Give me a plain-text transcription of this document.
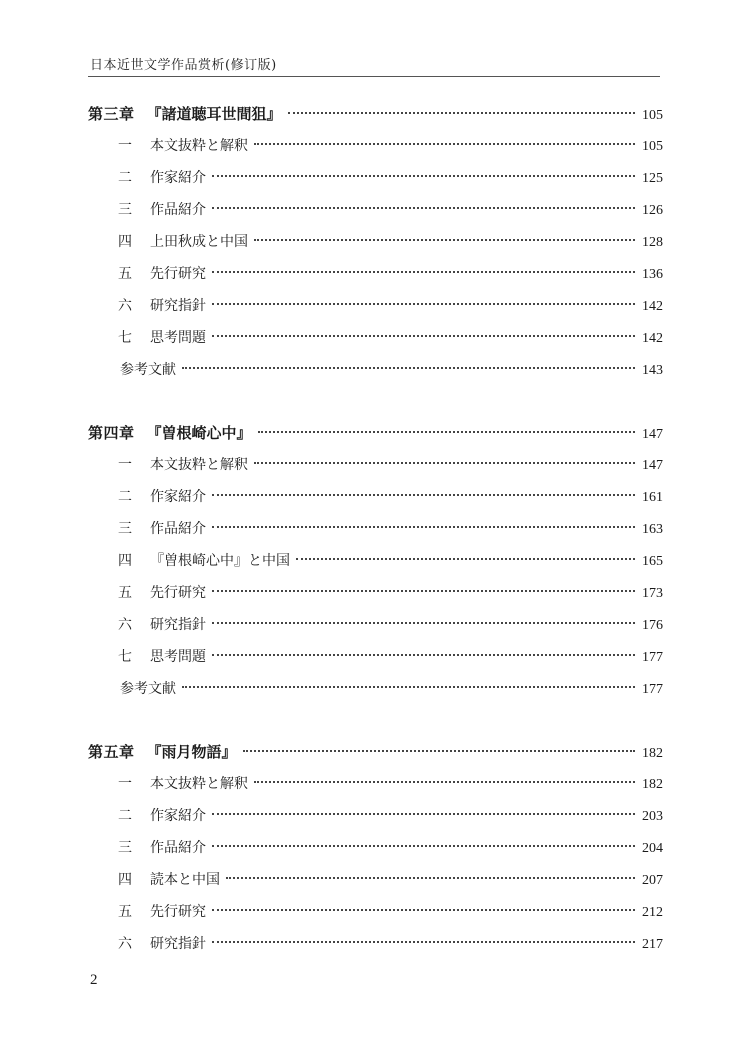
日本近世文学作品赏析(修订版)
第三章 『諸道聴耳世間狙』	105
一	本文抜粋と解釈	105
二	作家紹介	125
三	作品紹介	126
四	上田秋成と中国	128
五	先行研究	136
六	研究指針	142
七	思考問題	142
参考文献	143
第四章 『曽根崎心中』	147
一	本文抜粋と解釈	147
二	作家紹介	161
三	作品紹介	163
四	『曽根崎心中』と中国	165
五	先行研究	173
六	研究指針	176
七	思考問題	177
参考文献	177
第五章 『雨月物語』	182
一	本文抜粋と解釈	182
二	作家紹介	203
三	作品紹介	204
四	読本と中国	207
五	先行研究	212
六	研究指針	217
2
